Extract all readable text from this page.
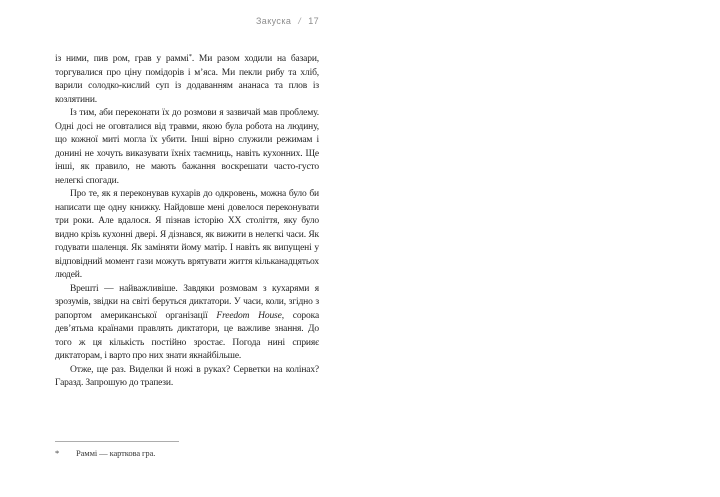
Закуска / 17

із ними, пив ром, грав у раммі*. Ми разом ходили на базари, торгувалися про ціну помідорів і м’яса. Ми пекли рибу та хліб, варили солодко-кислий суп із додаванням ананаса та плов із козлятини.

Із тим, аби переконати їх до розмови я зазвичай мав проблему. Одні досі не оговталися від травми, якою була робота на людину, що кожної миті могла їх убити. Інші вірно служили режимам і донині не хочуть виказувати їхніх таємниць, навіть кухонних. Ще інші, як правило, не мають бажання воскрешати часто-густо нелегкі спогади.

Про те, як я переконував кухарів до одкровень, можна було би написати ще одну книжку. Найдовше мені довелося переконувати три роки. Але вдалося. Я пізнав історію XX століття, яку було видно крізь кухонні двері. Я дізнався, як вижити в нелегкі часи. Як годувати шаленця. Як заміняти йому матір. І навіть як випущені у відповідний момент гази можуть врятувати життя кільканадцятьох людей.

Врешті — найважливіше. Завдяки розмовам з кухарями я зрозумів, звідки на світі беруться диктатори. У часи, коли, згідно з рапортом американської організації Freedom House, сорока дев’ятьма країнами правлять диктатори, це важливе знання. До того ж ця кількість постійно зростає. Погода нині сприяє диктаторам, і варто про них знати якнайбільше.

Отже, ще раз. Виделки й ножі в руках? Серветки на колінах? Гаразд. Запрошую до трапези.

* Раммі — карткова гра.
